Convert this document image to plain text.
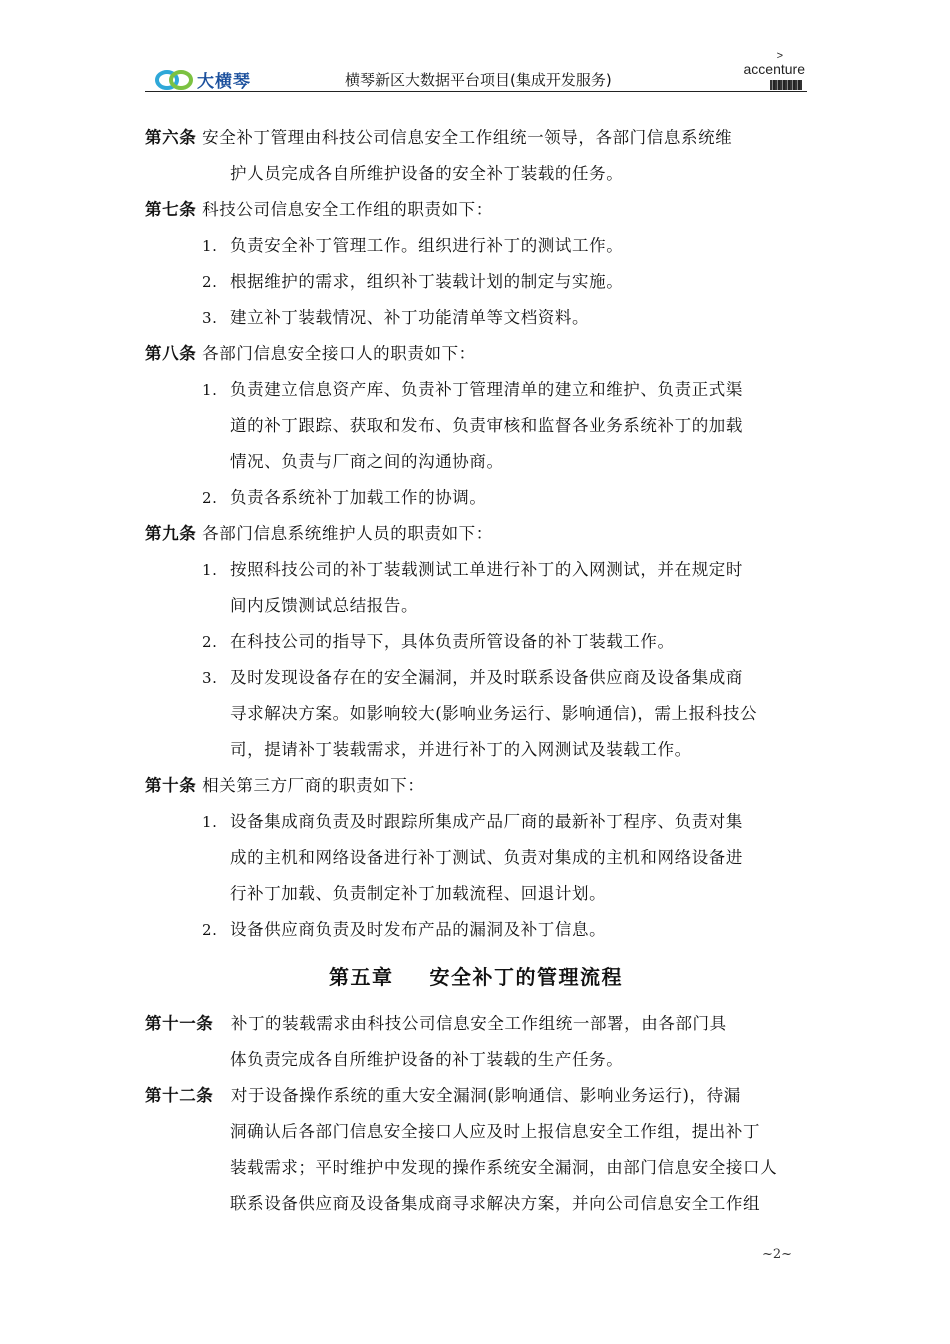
大横琴	横琴新区大数据平台项目(集成开发服务)
>
accenture
第六条 安全补丁管理由科技公司信息安全工作组统一领导，各部门信息系统维
护人员完成各自所维护设备的安全补丁装载的任务。
第七条 科技公司信息安全工作组的职责如下：
1. 负责安全补丁管理工作。组织进行补丁的测试工作。
2. 根据维护的需求，组织补丁装载计划的制定与实施。
3. 建立补丁装载情况、补丁功能清单等文档资料。
第八条 各部门信息安全接口人的职责如下：
1. 负责建立信息资产库、负责补丁管理清单的建立和维护、负责正式渠
道的补丁跟踪、获取和发布、负责审核和监督各业务系统补丁的加载
情况、负责与厂商之间的沟通协商。
2. 负责各系统补丁加载工作的协调。
第九条 各部门信息系统维护人员的职责如下：
1. 按照科技公司的补丁装载测试工单进行补丁的入网测试，并在规定时
间内反馈测试总结报告。
2. 在科技公司的指导下，具体负责所管设备的补丁装载工作。
3. 及时发现设备存在的安全漏洞，并及时联系设备供应商及设备集成商
寻求解决方案。如影响较大(影响业务运行、影响通信)，需上报科技公
司，提请补丁装载需求，并进行补丁的入网测试及装载工作。
第十条 相关第三方厂商的职责如下：
1. 设备集成商负责及时跟踪所集成产品厂商的最新补丁程序、负责对集
成的主机和网络设备进行补丁测试、负责对集成的主机和网络设备进
行补丁加载、负责制定补丁加载流程、回退计划。
2. 设备供应商负责及时发布产品的漏洞及补丁信息。
第五章 安全补丁的管理流程
第十一条 补丁的装载需求由科技公司信息安全工作组统一部署，由各部门具
体负责完成各自所维护设备的补丁装载的生产任务。
第十二条 对于设备操作系统的重大安全漏洞(影响通信、影响业务运行)，待漏
洞确认后各部门信息安全接口人应及时上报信息安全工作组，提出补丁
装载需求；平时维护中发现的操作系统安全漏洞，由部门信息安全接口人
联系设备供应商及设备集成商寻求解决方案，并向公司信息安全工作组
~2~
